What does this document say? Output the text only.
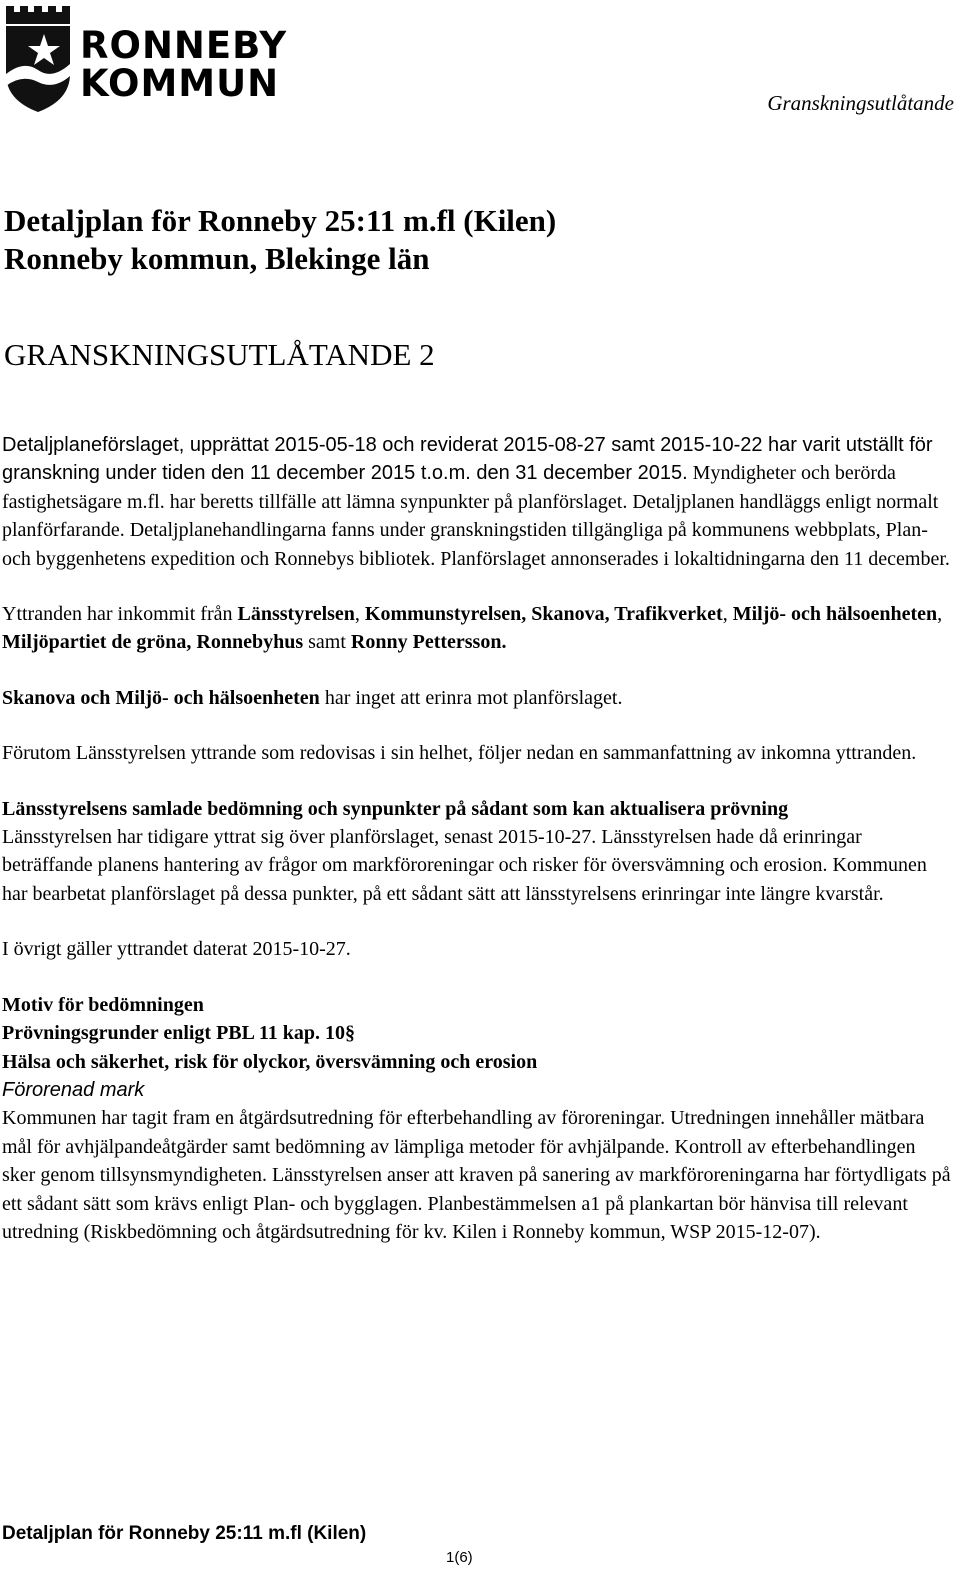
RONNEBY
KOMMUN	Granskningsutlåtande

Detaljplan för Ronneby 25:11 m.fl (Kilen)

Ronneby kommun, Blekinge län

GRANSKNINGSUTLÅTANDE 2

Detaljplaneförslaget, upprättat 2015-05-18 och reviderat 2015-08-27 samt 2015-10-22 har varit utställt för granskning under tiden den 11 december 2015 t.o.m. den 31 december 2015. Myndigheter och berörda fastighetsägare m.fl. har beretts tillfälle att lämna synpunkter på planförslaget. Detaljplanen handläggs enligt normalt planförfarande. Detaljplanehandlingarna fanns under granskningstiden tillgängliga på kommunens webbplats, Plan- och byggenhetens expedition och Ronnebys bibliotek. Planförslaget annonserades i lokaltidningarna den 11 december.

Yttranden har inkommit från Länsstyrelsen, Kommunstyrelsen, Skanova, Trafikverket, Miljö- och hälsoenheten, Miljöpartiet de gröna, Ronnebyhus samt Ronny Pettersson.

Skanova och Miljö- och hälsoenheten har inget att erinra mot planförslaget.

Förutom Länsstyrelsen yttrande som redovisas i sin helhet, följer nedan en sammanfattning av inkomna yttranden.

Länsstyrelsens samlade bedömning och synpunkter på sådant som kan aktualisera prövning

Länsstyrelsen har tidigare yttrat sig över planförslaget, senast 2015-10-27. Länsstyrelsen hade då erinringar beträffande planens hantering av frågor om markföroreningar och risker för översvämning och erosion. Kommunen har bearbetat planförslaget på dessa punkter, på ett sådant sätt att länsstyrelsens erinringar inte längre kvarstår.

I övrigt gäller yttrandet daterat 2015-10-27.

Motiv för bedömningen

Prövningsgrunder enligt PBL 11 kap. 10§

Hälsa och säkerhet, risk för olyckor, översvämning och erosion

Förorenad mark

Kommunen har tagit fram en åtgärdsutredning för efterbehandling av föroreningar. Utredningen innehåller mätbara mål för avhjälpandeåtgärder samt bedömning av lämpliga metoder för avhjälpande. Kontroll av efterbehandlingen sker genom tillsynsmyndigheten. Länsstyrelsen anser att kraven på sanering av markföroreningarna har förtydligats på ett sådant sätt som krävs enligt Plan- och bygglagen. Planbestämmelsen a1 på plankartan bör hänvisa till relevant utredning (Riskbedömning och åtgärdsutredning för kv. Kilen i Ronneby kommun, WSP 2015-12-07).

Detaljplan för Ronneby 25:11 m.fl (Kilen)
1(6)
